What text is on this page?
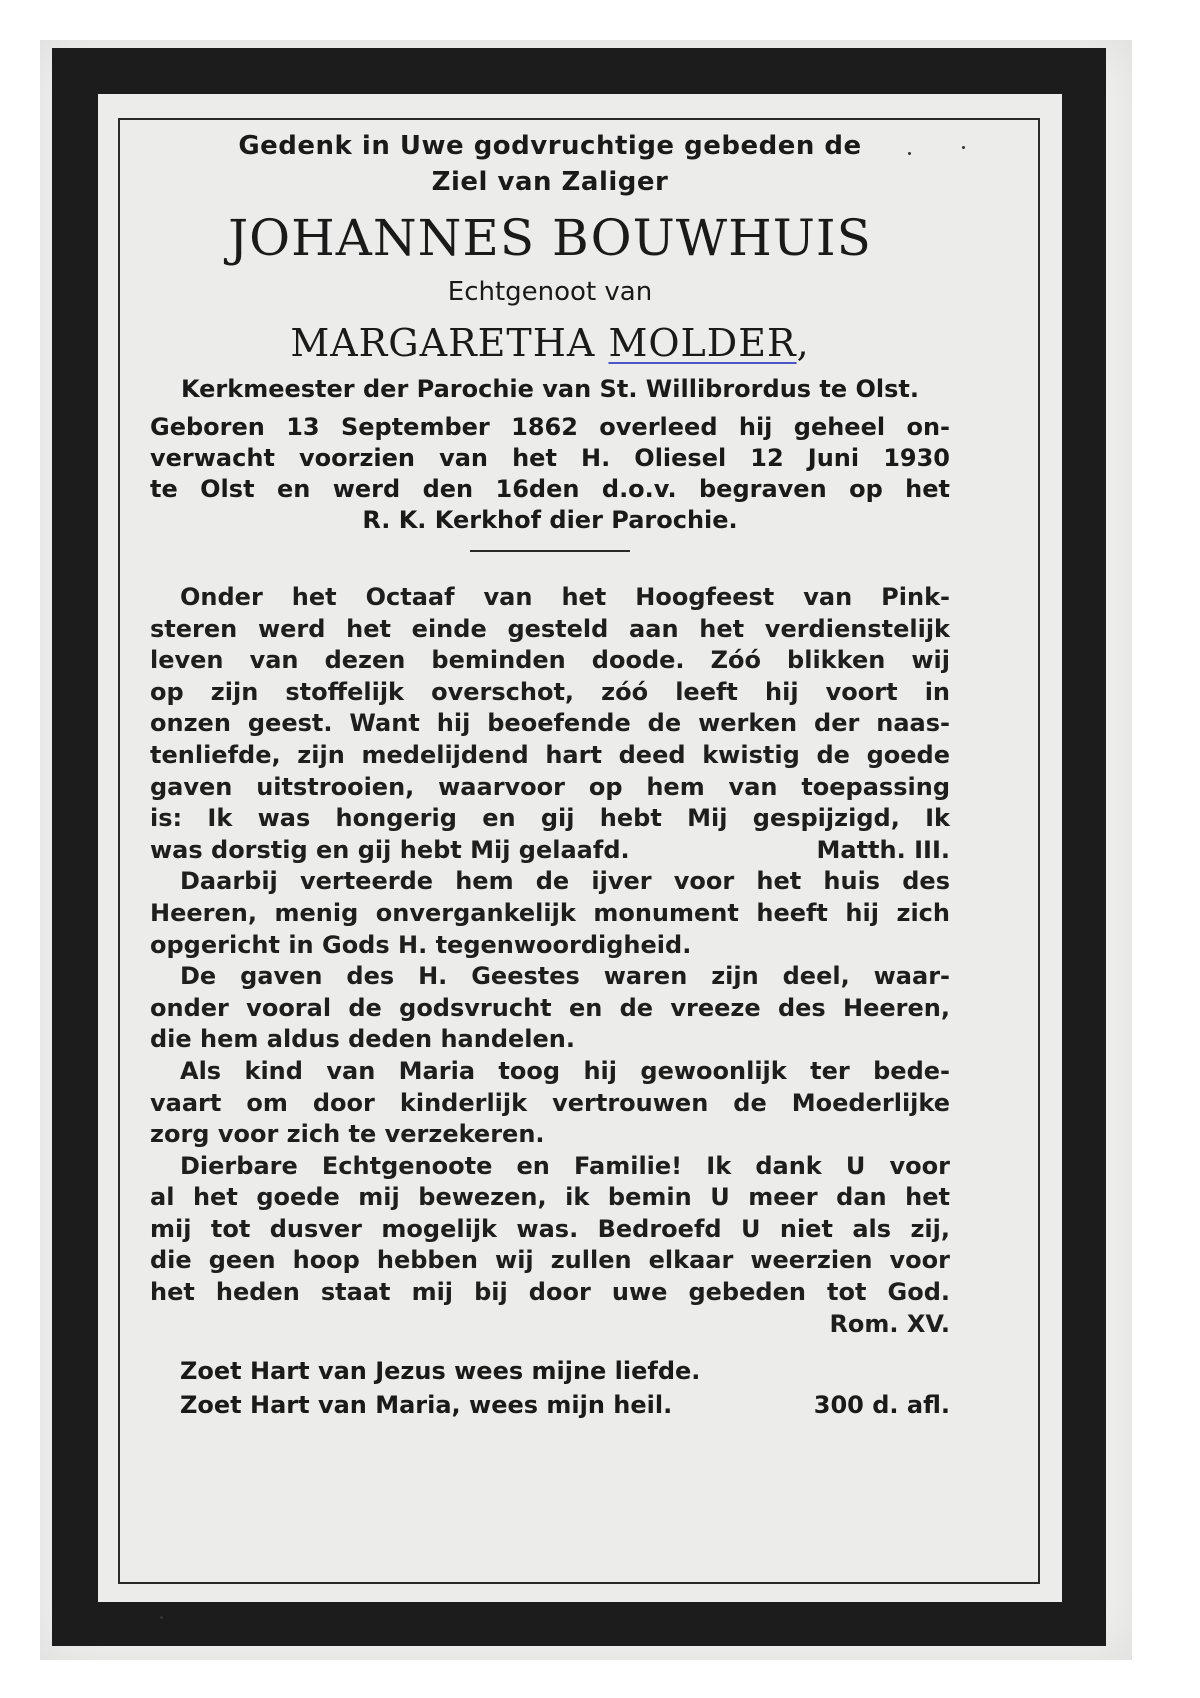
Gedenk in Uwe godvruchtige gebeden de

Ziel van Zaliger

JOHANNES BOUWHUIS

Echtgenoot van

MARGARETHA MOLDER,

Kerkmeester der Parochie van St. Willibrordus te Olst.

Geboren 13 September 1862 overleed hij geheel on-

verwacht voorzien van het H. Oliesel 12 Juni 1930

te Olst en werd den 16den d.o.v. begraven op het

R. K. Kerkhof dier Parochie.

Onder het Octaaf van het Hoogfeest van Pink-

steren werd het einde gesteld aan het verdienstelijk

leven van dezen beminden doode. Zóó blikken wij

op zijn stoffelijk overschot, zóó leeft hij voort in

onzen geest. Want hij beoefende de werken der naas-

tenliefde, zijn medelijdend hart deed kwistig de goede

gaven uitstrooien, waarvoor op hem van toepassing

is: Ik was hongerig en gij hebt Mij gespijzigd, Ik

was dorstig en gij hebt Mij gelaafd.	Matth. III.

Daarbij verteerde hem de ijver voor het huis des

Heeren, menig onvergankelijk monument heeft hij zich

opgericht in Gods H. tegenwoordigheid.

De gaven des H. Geestes waren zijn deel, waar-

onder vooral de godsvrucht en de vreeze des Heeren,

die hem aldus deden handelen.

Als kind van Maria toog hij gewoonlijk ter bede-

vaart om door kinderlijk vertrouwen de Moederlijke

zorg voor zich te verzekeren.

Dierbare Echtgenoote en Familie! Ik dank U voor

al het goede mij bewezen, ik bemin U meer dan het

mij tot dusver mogelijk was. Bedroefd U niet als zij,

die geen hoop hebben wij zullen elkaar weerzien voor

het heden staat mij bij door uwe gebeden tot God.

Rom. XV.

Zoet Hart van Jezus wees mijne liefde.

Zoet Hart van Maria, wees mijn heil.	300 d. afl.
